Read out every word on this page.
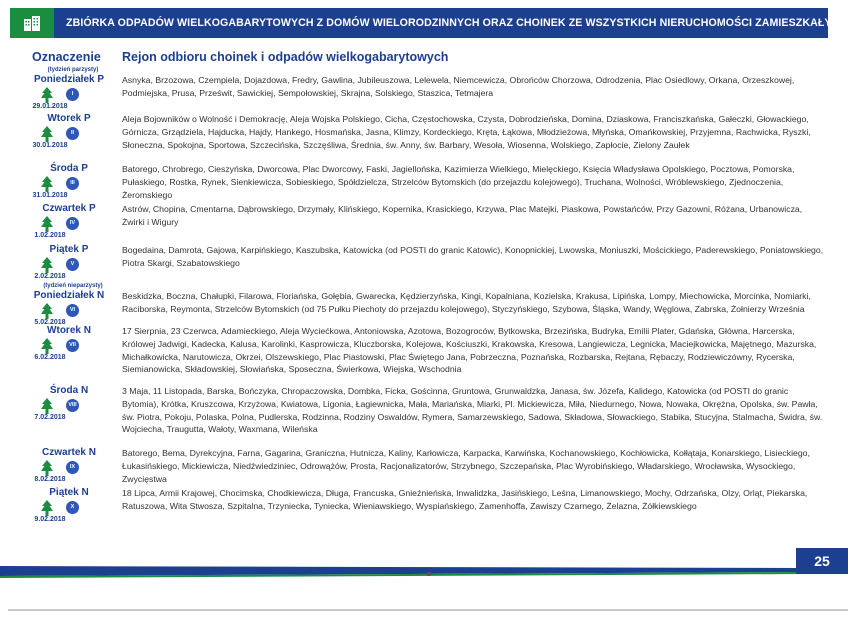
ZBIÓRKA ODPADÓW WIELKOGABARYTOWYCH Z DOMÓW WIELORODZINNYCH ORAZ CHOINEK ZE WSZYSTKICH NIERUCHOMOŚCI ZAMIESZKAŁYCH
Oznaczenie Rejon odbioru choinek i odpadów wielkogabarytowych
(tydzień parzysty)
Poniedziałek P
I
29.01.2018
Asnyka, Brzozowa, Czempiela, Dojazdowa, Fredry, Gawlina, Jubileuszowa, Lelewela, Niemcewicza, Obrońców Chorzowa, Odrodzenia, Plac Osiedlowy, Orkana, Orzeszkowej, Podmiejska, Prusa, Prześwit, Sawickiej, Sempołowskiej, Skrajna, Solskiego, Staszica, Tetmajera
Wtorek P
II
30.01.2018
Aleja Bojowników o Wolność i Demokrację, Aleja Wojska Polskiego, Cicha, Częstochowska, Czysta, Dobrodzieńska, Domina, Dziaskowa, Franciszkańska, Gałeczki, Głowackiego, Górnicza, Grządziela, Hajducka, Hajdy, Hankego, Hosmańska, Jasna, Klimzy, Kordeckiego, Kręta, Łąkowa, Młodzieżowa, Młyńska, Omańkowskiej, Przyjemna, Rachwicka, Ryszki, Słoneczna, Spokojna, Sportowa, Szczecińska, Szczęśliwa, Średnia, św. Anny, św. Barbary, Wesoła, Wiosenna, Wolskiego, Zapłocie, Zielony Zaułek
Środa P
III
31.01.2018
Batorego, Chrobrego, Cieszyńska, Dworcowa, Plac Dworcowy, Faski, Jagiellońska, Kazimierza Wielkiego, Mielęckiego, Księcia Władysława Opolskiego, Pocztowa, Pomorska, Pułaskiego, Rostka, Rynek, Sienkiewicza, Sobieskiego, Spółdzielcza, Strzelców Bytomskich (do przejazdu kolejowego), Truchana, Wolności, Wróblewskiego, Zjednoczenia, Żeromskiego
Czwartek P
IV
1.02.2018
Astrów, Chopina, Cmentarna, Dąbrowskiego, Drzymały, Klińskiego, Kopernika, Krasickiego, Krzywa, Plac Matejki, Piaskowa, Powstańców, Przy Gazowni, Różana, Urbanowicza, Żwirki i Wigury
Piątek P
V
2.02.2018
Bogedaina, Damrota, Gajowa, Karpińskiego, Kaszubska, Katowicka (od POSTI do granic Katowic), Konopnickiej, Lwowska, Moniuszki, Mościckiego, Paderewskiego, Poniatowskiego, Piotra Skargi, Szabatowskiego
(tydzień nieparzysty)
Poniedziałek N
VI
5.02.2018
Beskidzka, Boczna, Chałupki, Filarowa, Floriańska, Gołębia, Gwarecka, Kędzierzyńska, Kingi, Kopalniana, Kozielska, Krakusa, Lipińska, Lompy, Miechowicka, Morcinka, Nomiarki, Raciborska, Reymonta, Strzelców Bytomskich (od 75 Pułku Piechoty do przejazdu kolejowego), Styczyńskiego, Szybowa, Śląska, Wandy, Węglowa, Zabrska, Żołnierzy Września
Wtorek N
VII
6.02.2018
17 Sierpnia, 23 Czerwca, Adamieckiego, Aleja Wyciećkowa, Antoniowska, Azotowa, Bozogroców, Bytkowska, Brzezińska, Budryka, Emilii Plater, Gdańska, Główna, Harcerska, Królowej Jadwigi, Kadecka, Kalusa, Karolinki, Kasprowicza, Kluczborska, Kolejowa, Kościuszki, Krakowska, Kresowa, Langiewicza, Legnicka, Maciejkowicka, Majętnego, Mazurska, Michałkowicka, Narutowicza, Okrzei, Olszewskiego, Plac Piastowski, Plac Świętego Jana, Pobrzeczna, Poznańska, Rozbarska, Rejtana, Rębaczy, Rodziewiczówny, Rycerska, Siemianowicka, Składowskiej, Słowiańska, Sposeczna, Świerkowa, Wiejska, Wschodnia
Środa N
VIII
7.02.2018
3 Maja, 11 Listopada, Barska, Bończyka, Chropaczowska, Dombka, Ficka, Gościnna, Gruntowa, Grunwaldzka, Janasa, św. Józefa, Kalidego, Katowicka (od POSTI do granic Bytomia), Krótka, Kruszcowa, Krzyżowa, Kwiatowa, Ligonia, Łagiewnicka, Mała, Mariańska, Miarki, Pl. Mickiewicza, Miła, Niedurnego, Nowa, Nowaka, Okrężna, Opolska, św. Pawła, św. Piotra, Pokoju, Polaska, Polna, Pudlerska, Rodzinna, Rodziny Oswaldów, Rymera, Samarzewskiego, Sadowa, Składowa, Słowackiego, Stabika, Stucyjna, Stalmacha, Świdra, św. Wojciecha, Traugutta, Wałoty, Waxmana, Wileńska
Czwartek N
IX
8.02.2018
Batorego, Bema, Dyrekcyjna, Farna, Gagarina, Graniczna, Hutnicza, Kaliny, Karłowicza, Karpacka, Karwińska, Kochanowskiego, Kochłowicka, Kołłątaja, Konarskiego, Lisieckiego, Łukasińskiego, Mickiewicza, Niedźwiedziniec, Odrowążów, Prosta, Racjonalizatorów, Strzybnego, Szczepańska, Plac Wyrobińskiego, Władarskiego, Wrocławska, Wysockiego, Zwycięstwa
Piątek N
X
9.02.2018
18 Lipca, Armii Krajowej, Chocimska, Chodkiewicza, Długa, Francuska, Gnieźnieńska, Inwalidzka, Jasińskiego, Leśna, Limanowskiego, Mochy, Odrzańska, Olzy, Orląt, Piekarska, Ratuszowa, Wita Stwosza, Szpitalna, Trzyniecka, Tyniecka, Wieniawskiego, Wyspiańskiego, Zamenhoffa, Zawiszy Czarnego, Żelazna, Żółkiewskiego
25
